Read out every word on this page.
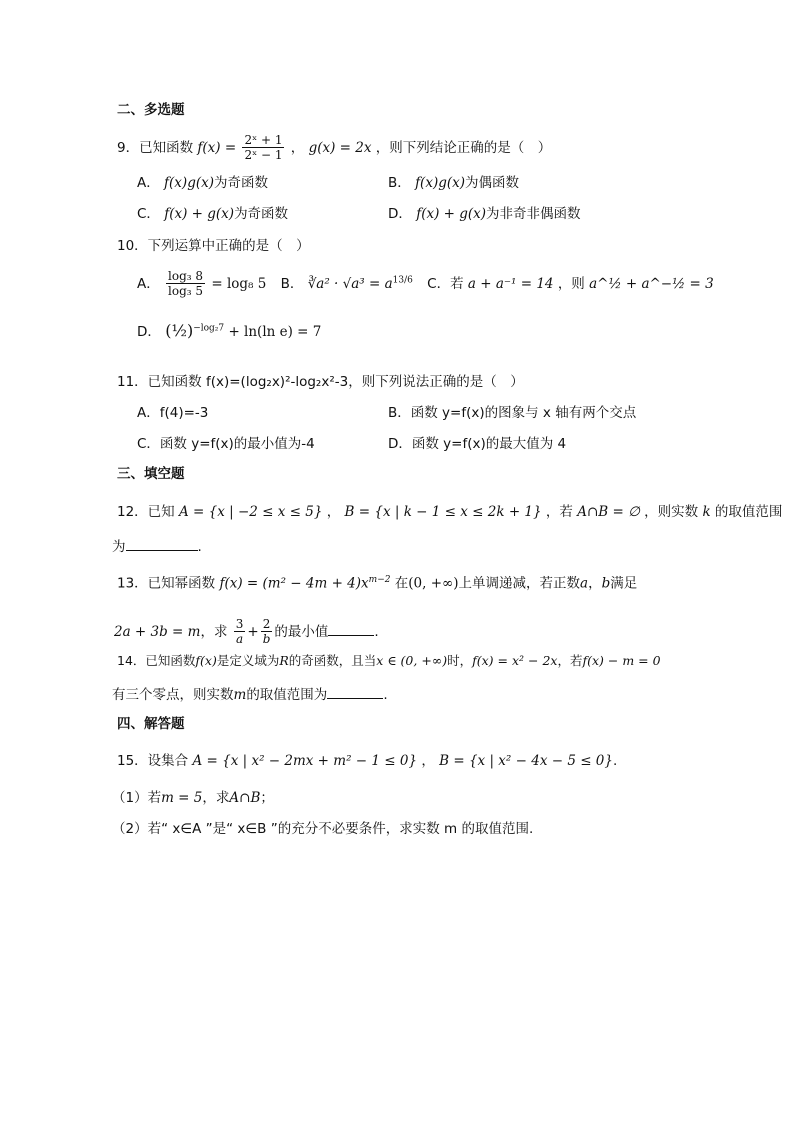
二、多选题
9．已知函数 $f(x) = \frac{\text{2ˣ + 1}}{\text{2ˣ − 1}}$ ， g(x) = 2x ，则下列结论正确的是（　）
A． f(x)g(x)为奇函数	B． f(x)g(x)为偶函数
C． f(x) + g(x)为奇函数	D． f(x) + g(x)为非奇非偶函数
10．下列运算中正确的是（　）
A． $\frac{\text{log₃ 8}}{\text{log₃ 5}} = \log_8$ 5 B． ∛a² · $√a^3 = a^{13/6}$ C．若 a + a⁻¹ = 14 ，则 a^½ + a^−½ = 3
D． (½)$^{-log_27}$ + ln(ln e) = 7
11．已知函数 f(x)=(log₂x)²-log₂x²-3，则下列说法正确的是（　）
A．f(4)=-3	B．函数 y=f(x)的图象与 x 轴有两个交点
C．函数 y=f(x)的最小值为-4	D．函数 y=f(x)的最大值为 4
三、填空题
12．已知 A = {x | −2 ≤ x ≤ 5} ， B = {x | k − 1 ≤ x ≤ 2k + 1} ，若 A∩B = ∅ ，则实数 k 的取值范围
为	.
13．已知幂函数 $f(x) = (m^2 - 4m + 4)x^{m-2}$ 在(0, +∞)上单调递减，若正数a，b满足
2a + 3b = m，求 $\frac{3}{a} + \frac{2}{b}$ 的最小值	.
14．已知函数f(x)是定义域为R的奇函数，且当x ∈ (0, +∞)时，f(x) = x² − 2x，若f(x) − m = 0
有三个零点，则实数m的取值范围为	.
四、解答题
15．设集合 A = {x | x² − 2mx + m² − 1 ≤ 0} ， B = {x | x² − 4x − 5 ≤ 0}.
（1）若m = 5，求A∩B；
（2）若“ x∈A ”是“ x∈B ”的充分不必要条件，求实数 m 的取值范围.
